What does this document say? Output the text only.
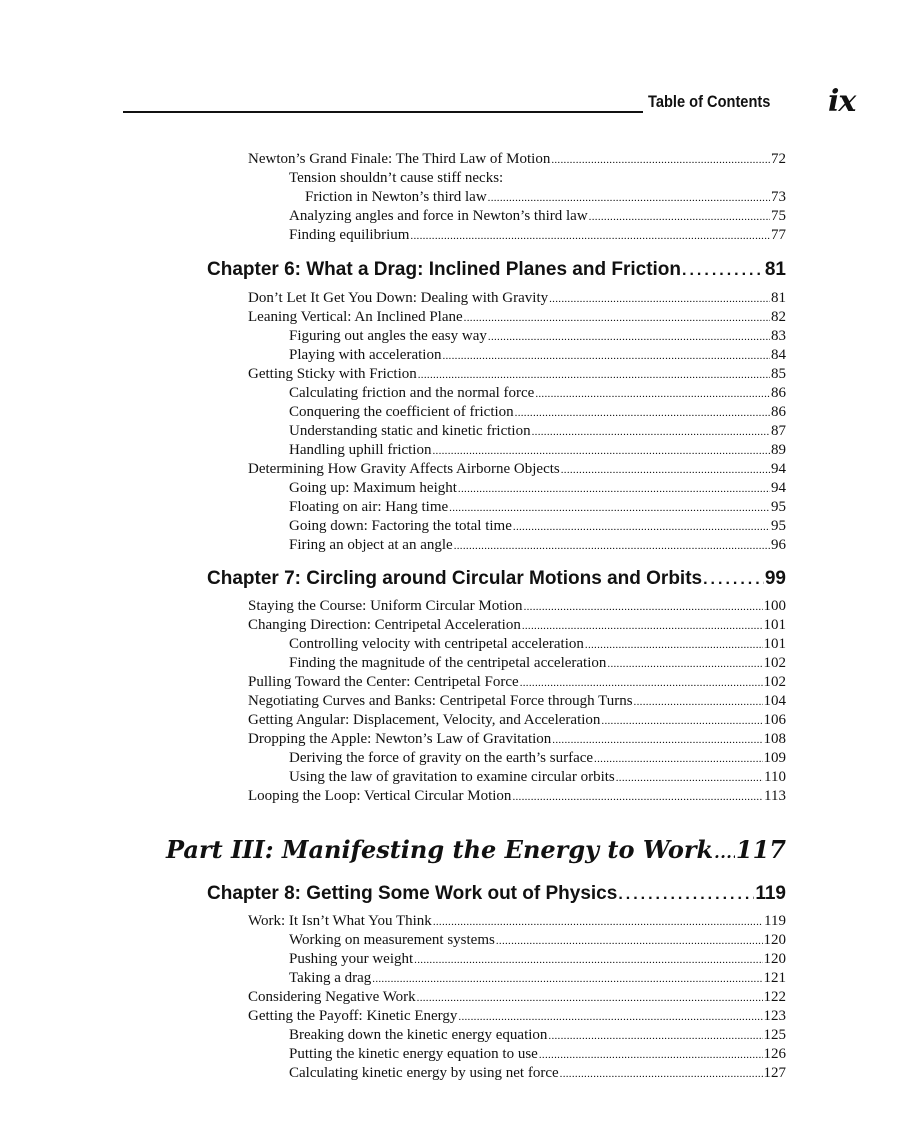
Table of Contents ix
Newton’s Grand Finale: The Third Law of Motion .....	72
Tension shouldn’t cause stiff necks:
Friction in Newton’s third law .....	73
Analyzing angles and force in Newton’s third law .....	75
Finding equilibrium .....	77
Chapter 6: What a Drag: Inclined Planes and Friction .....	81
Don’t Let It Get You Down: Dealing with Gravity .....	81
Leaning Vertical: An Inclined Plane .....	82
Figuring out angles the easy way .....	83
Playing with acceleration .....	84
Getting Sticky with Friction .....	85
Calculating friction and the normal force .....	86
Conquering the coefficient of friction .....	86
Understanding static and kinetic friction .....	87
Handling uphill friction .....	89
Determining How Gravity Affects Airborne Objects .....	94
Going up: Maximum height .....	94
Floating on air: Hang time .....	95
Going down: Factoring the total time .....	95
Firing an object at an angle .....	96
Chapter 7: Circling around Circular Motions and Orbits .....	99
Staying the Course: Uniform Circular Motion .....	100
Changing Direction: Centripetal Acceleration .....	101
Controlling velocity with centripetal acceleration .....	101
Finding the magnitude of the centripetal acceleration .....	102
Pulling Toward the Center: Centripetal Force .....	102
Negotiating Curves and Banks: Centripetal Force through Turns .....	104
Getting Angular: Displacement, Velocity, and Acceleration .....	106
Dropping the Apple: Newton’s Law of Gravitation .....	108
Deriving the force of gravity on the earth’s surface .....	109
Using the law of gravitation to examine circular orbits .....	110
Looping the Loop: Vertical Circular Motion .....	113
Part III: Manifesting the Energy to Work ..... 117
Chapter 8: Getting Some Work out of Physics .....	119
Work: It Isn’t What You Think .....	119
Working on measurement systems .....	120
Pushing your weight .....	120
Taking a drag .....	121
Considering Negative Work .....	122
Getting the Payoff: Kinetic Energy .....	123
Breaking down the kinetic energy equation .....	125
Putting the kinetic energy equation to use .....	126
Calculating kinetic energy by using net force .....	127
